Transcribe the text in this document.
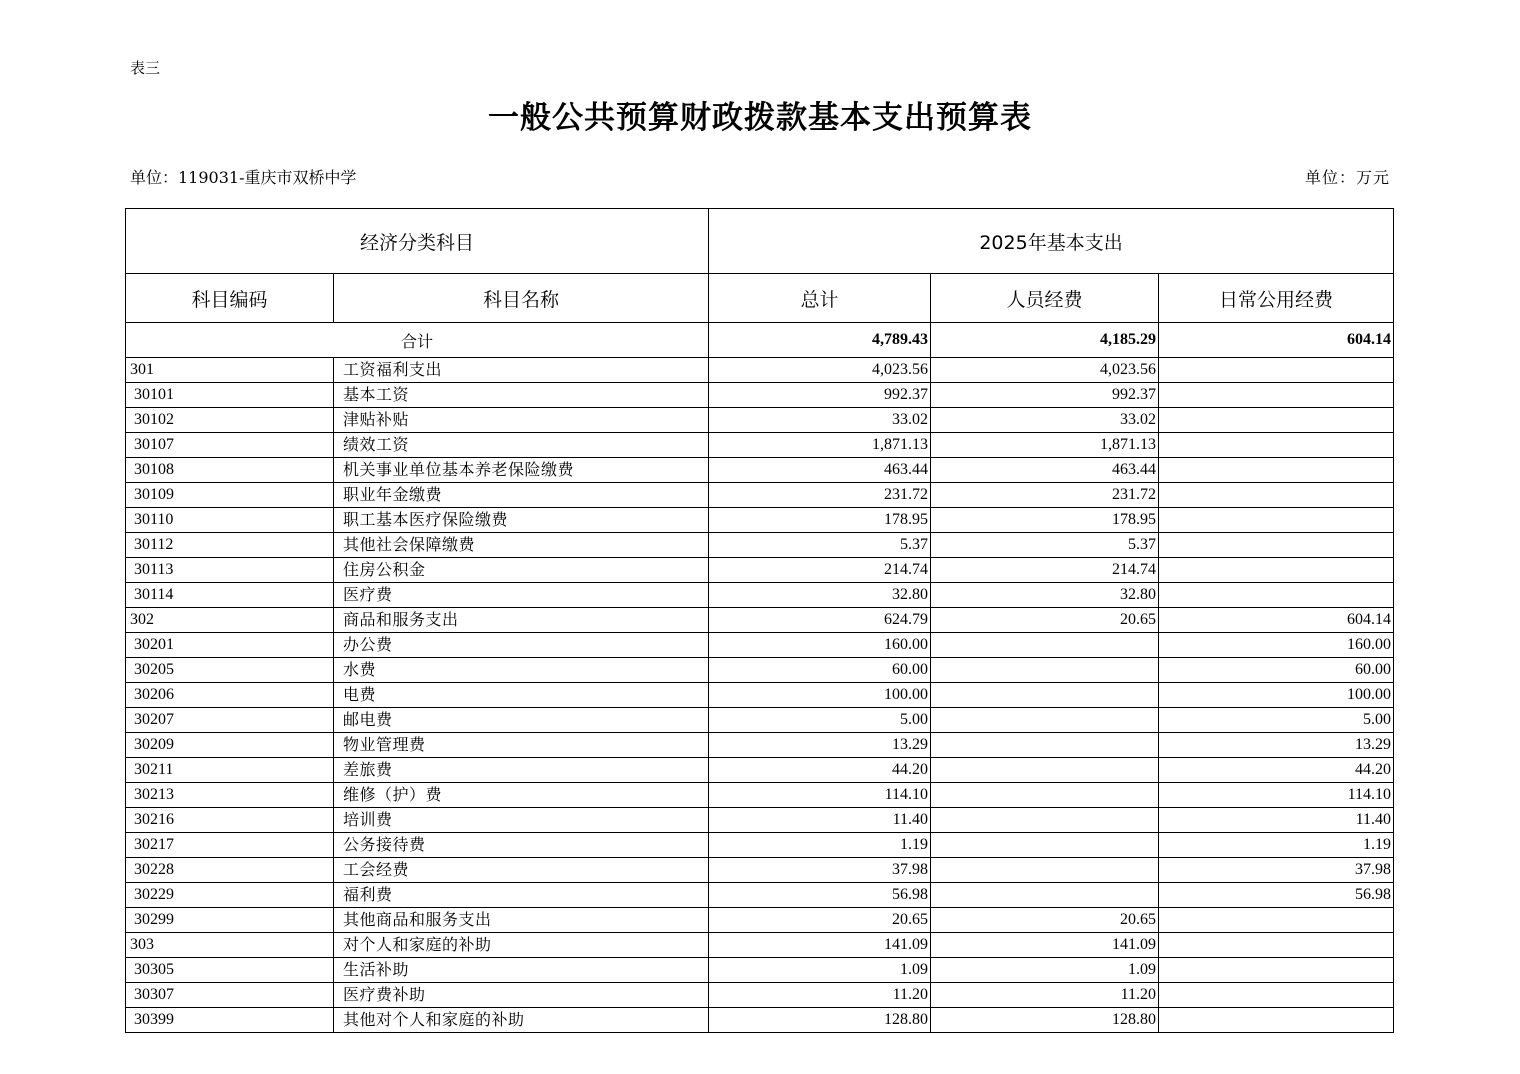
表三
一般公共预算财政拨款基本支出预算表
单位：119031-重庆市双桥中学	单位：万元
经济分类科目		2025年基本支出		
科目编码	科目名称	总计	人员经费	日常公用经费
合计		4,789.43	4,185.29	604.14
301	工资福利支出	4,023.56	4,023.56	
30101	基本工资	992.37	992.37	
30102	津贴补贴	33.02	33.02	
30107	绩效工资	1,871.13	1,871.13	
30108	机关事业单位基本养老保险缴费	463.44	463.44	
30109	职业年金缴费	231.72	231.72	
30110	职工基本医疗保险缴费	178.95	178.95	
30112	其他社会保障缴费	5.37	5.37	
30113	住房公积金	214.74	214.74	
30114	医疗费	32.80	32.80	
302	商品和服务支出	624.79	20.65	604.14
30201	办公费	160.00		160.00
30205	水费	60.00		60.00
30206	电费	100.00		100.00
30207	邮电费	5.00		5.00
30209	物业管理费	13.29		13.29
30211	差旅费	44.20		44.20
30213	维修（护）费	114.10		114.10
30216	培训费	11.40		11.40
30217	公务接待费	1.19		1.19
30228	工会经费	37.98		37.98
30229	福利费	56.98		56.98
30299	其他商品和服务支出	20.65	20.65	
303	对个人和家庭的补助	141.09	141.09	
30305	生活补助	1.09	1.09	
30307	医疗费补助	11.20	11.20	
30399	其他对个人和家庭的补助	128.80	128.80	
